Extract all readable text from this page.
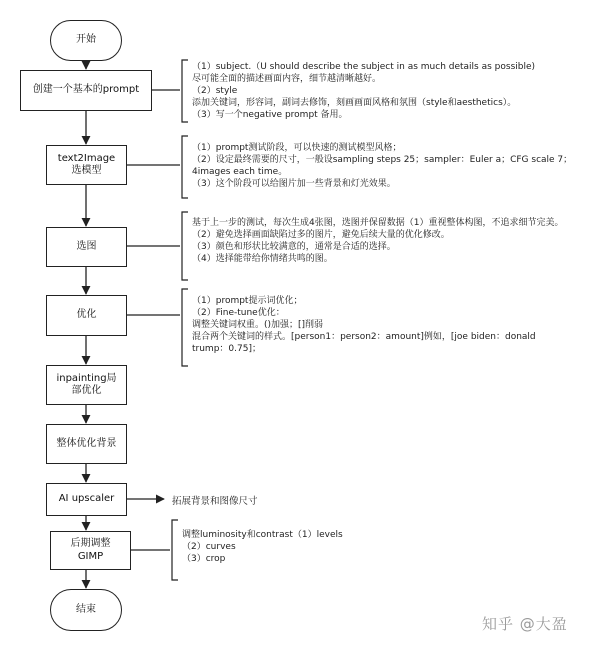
开始
创建一个基本的prompt
text2Image
选模型
选图
优化
inpainting局
部优化
整体优化背景
AI upscaler
后期调整
GIMP
结束
（1）subject.（U should describe the subject in as much details as possible)
尽可能全面的描述画面内容，细节越清晰越好。
（2）style
添加关键词，形容词，副词去修饰，刻画画面风格和氛围（style和aesthetics）。
（3）写一个negative prompt 备用。
（1）prompt测试阶段，可以快速的测试模型风格；
（2）设定最终需要的尺寸，一般设sampling steps 25；sampler：Euler a；CFG scale 7；4images each time。
（3）这个阶段可以给图片加一些背景和灯光效果。
基于上一步的测试，每次生成4张图，选图并保留数据（1）重视整体构图，不追求细节完美。
（2）避免选择画面缺陷过多的图片，避免后续大量的优化修改。
（3）颜色和形状比较满意的，通常是合适的选择。
（4）选择能带给你情绪共鸣的图。
（1）prompt提示词优化；
（2）Fine-tune优化：
调整关键词权重。()加强；[]削弱
混合两个关键词的样式。[person1：person2：amount]例如，[joe biden：donald trump：0.75]；
拓展背景和图像尺寸
调整luminosity和contrast（1）levels
（2）curves
（3）crop
知乎 @大盈
